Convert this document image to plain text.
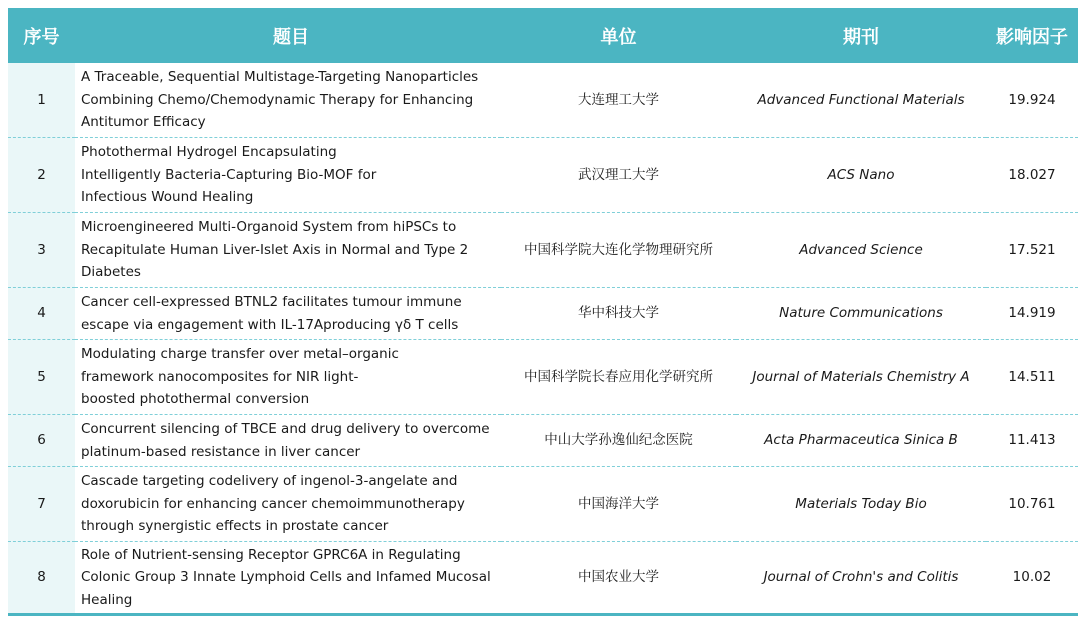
序号	题目	单位	期刊	影响因子
1	A Traceable, Sequential Multistage-Targeting Nanoparticles Combining Chemo/Chemodynamic Therapy for Enhancing Antitumor Efficacy	大连理工大学	Advanced Functional Materials	19.924
2	Photothermal Hydrogel Encapsulating Intelligently Bacteria-Capturing Bio-MOF for Infectious Wound Healing	武汉理工大学	ACS Nano	18.027
3	Microengineered Multi-Organoid System from hiPSCs to Recapitulate Human Liver-Islet Axis in Normal and Type 2 Diabetes	中国科学院大连化学物理研究所	Advanced Science	17.521
4	Cancer cell-expressed BTNL2 facilitates tumour immune escape via engagement with IL-17Aproducing γδ T cells	华中科技大学	Nature Communications	14.919
5	Modulating charge transfer over metal–organic framework nanocomposites for NIR light-boosted photothermal conversion	中国科学院长春应用化学研究所	Journal of Materials Chemistry A	14.511
6	Concurrent silencing of TBCE and drug delivery to overcome platinum-based resistance in liver cancer	中山大学孙逸仙纪念医院	Acta Pharmaceutica Sinica B	11.413
7	Cascade targeting codelivery of ingenol-3-angelate and doxorubicin for enhancing cancer chemoimmunotherapy through synergistic effects in prostate cancer	中国海洋大学	Materials Today Bio	10.761
8	Role of Nutrient-sensing Receptor GPRC6A in Regulating Colonic Group 3 Innate Lymphoid Cells and Infamed Mucosal Healing	中国农业大学	Journal of Crohn's and Colitis	10.02
